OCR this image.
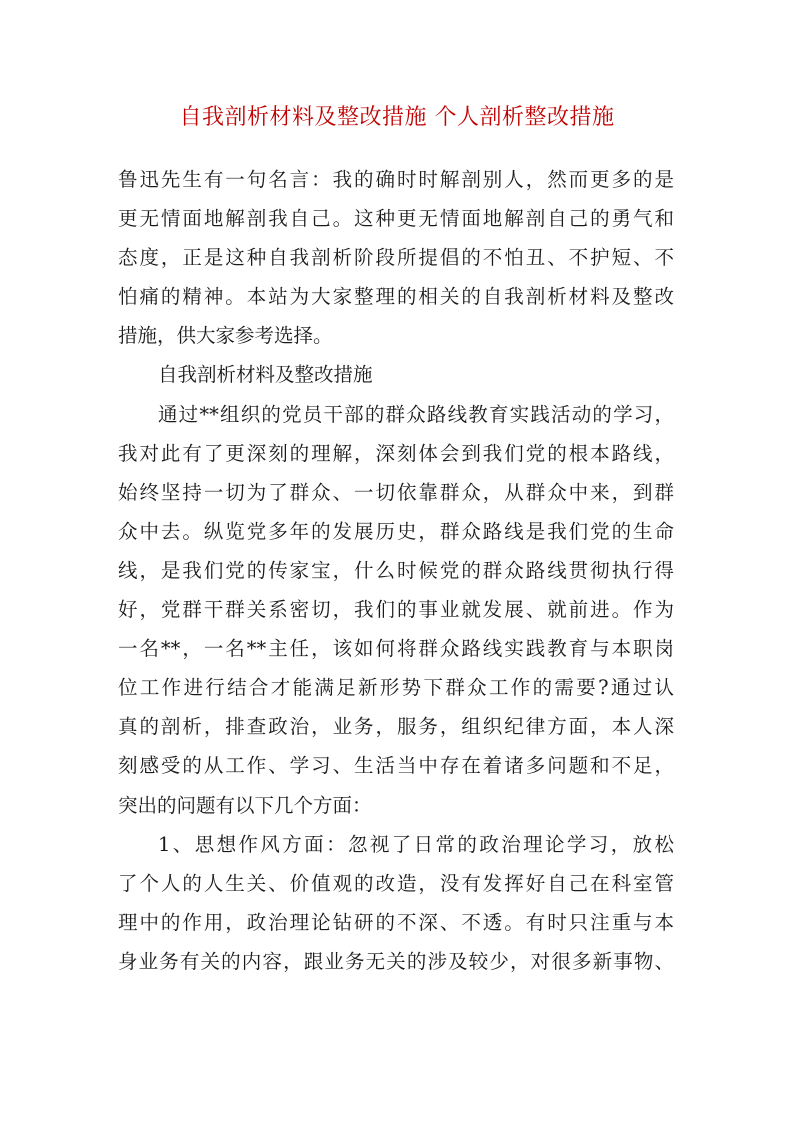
自我剖析材料及整改措施 个人剖析整改措施
鲁迅先生有一句名言：我的确时时解剖别人，然而更多的是
更无情面地解剖我自己。这种更无情面地解剖自己的勇气和
态度，正是这种自我剖析阶段所提倡的不怕丑、不护短、不
怕痛的精神。本站为大家整理的相关的自我剖析材料及整改
措施，供大家参考选择。
自我剖析材料及整改措施
通过**组织的党员干部的群众路线教育实践活动的学习，
我对此有了更深刻的理解，深刻体会到我们党的根本路线，
始终坚持一切为了群众、一切依靠群众，从群众中来，到群
众中去。纵览党多年的发展历史，群众路线是我们党的生命
线，是我们党的传家宝，什么时候党的群众路线贯彻执行得
好，党群干群关系密切，我们的事业就发展、就前进。作为
一名**，一名**主任，该如何将群众路线实践教育与本职岗
位工作进行结合才能满足新形势下群众工作的需要?通过认
真的剖析，排查政治，业务，服务，组织纪律方面，本人深
刻感受的从工作、学习、生活当中存在着诸多问题和不足，
突出的问题有以下几个方面：
1、思想作风方面：忽视了日常的政治理论学习，放松
了个人的人生关、价值观的改造，没有发挥好自己在科室管
理中的作用，政治理论钻研的不深、不透。有时只注重与本
身业务有关的内容，跟业务无关的涉及较少，对很多新事物、
